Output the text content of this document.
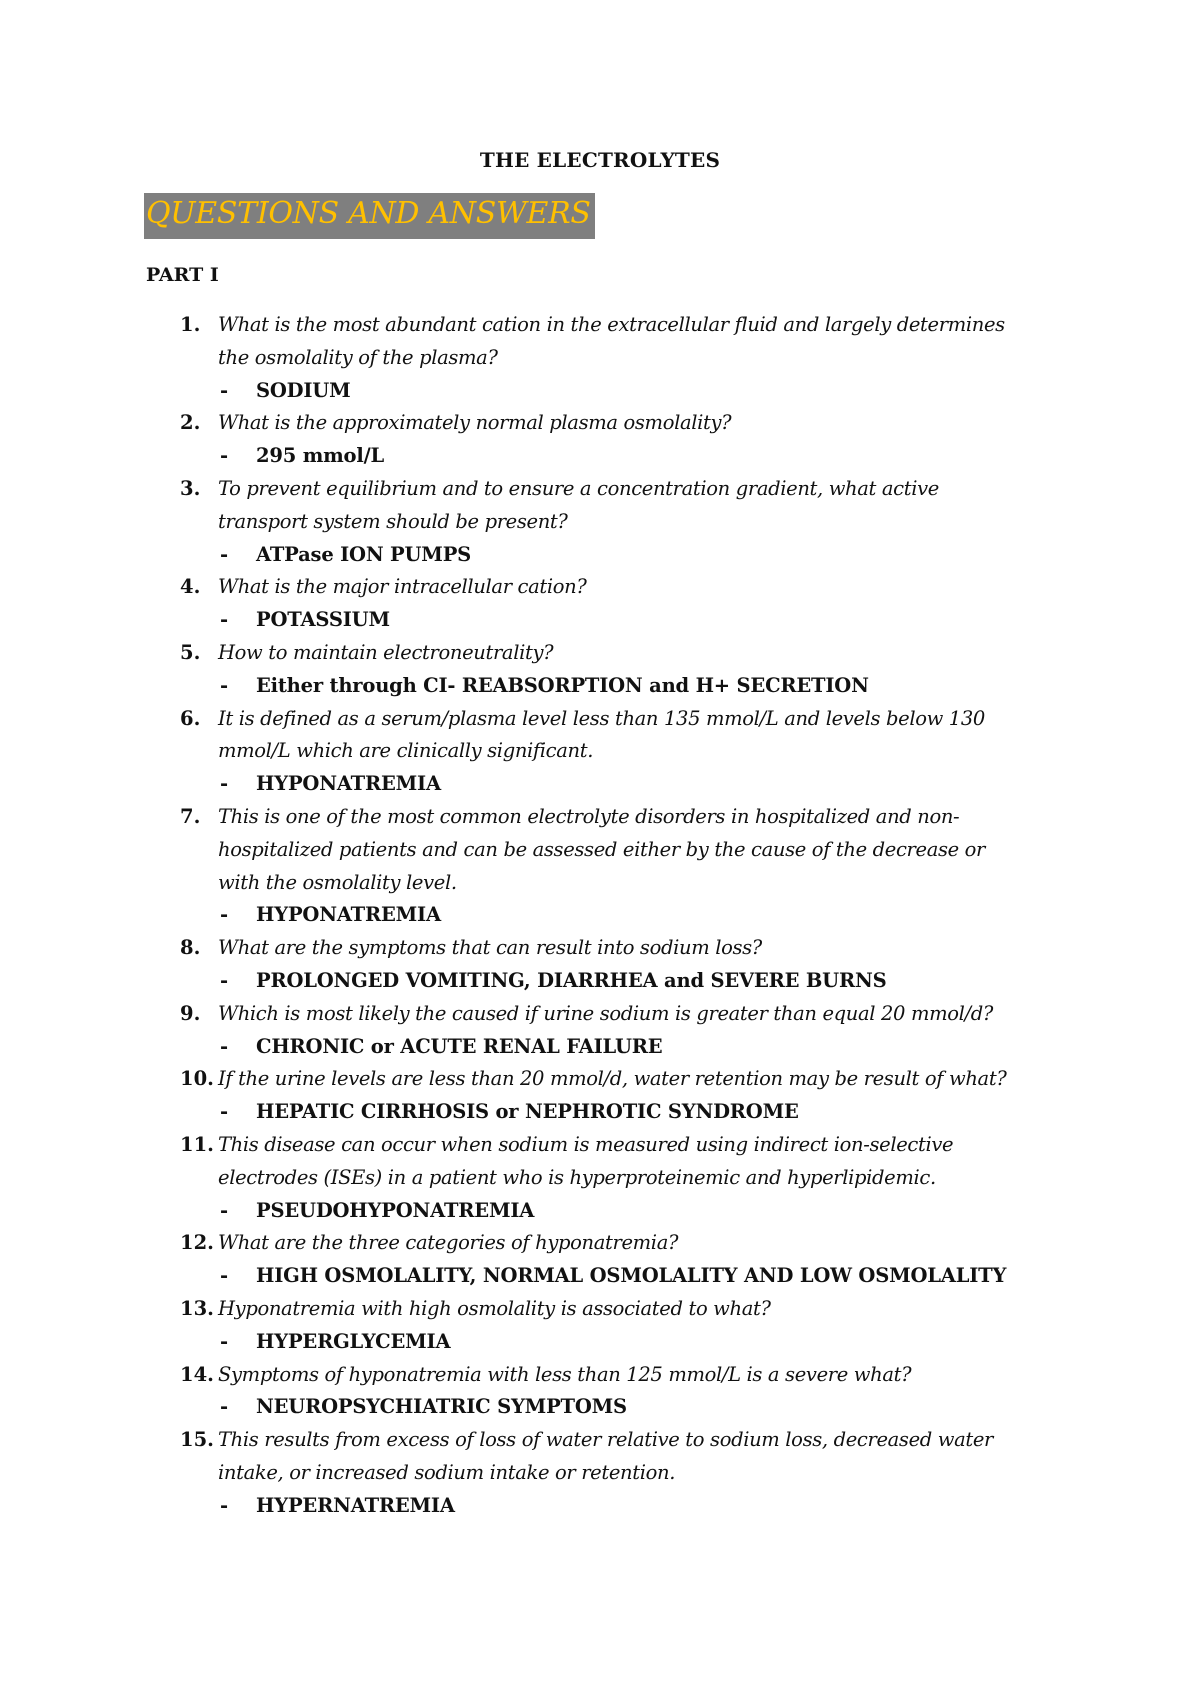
THE ELECTROLYTES
QUESTIONS AND ANSWERS
PART I
1. What is the most abundant cation in the extracellular fluid and largely determines
the osmolality of the plasma?
- SODIUM
2. What is the approximately normal plasma osmolality?
- 295 mmol/L
3. To prevent equilibrium and to ensure a concentration gradient, what active
transport system should be present?
- ATPase ION PUMPS
4. What is the major intracellular cation?
- POTASSIUM
5. How to maintain electroneutrality?
- Either through CI- REABSORPTION and H+ SECRETION
6. It is defined as a serum/plasma level less than 135 mmol/L and levels below 130
mmol/L which are clinically significant.
- HYPONATREMIA
7. This is one of the most common electrolyte disorders in hospitalized and non-
hospitalized patients and can be assessed either by the cause of the decrease or
with the osmolality level.
- HYPONATREMIA
8. What are the symptoms that can result into sodium loss?
- PROLONGED VOMITING, DIARRHEA and SEVERE BURNS
9. Which is most likely the caused if urine sodium is greater than equal 20 mmol/d?
- CHRONIC or ACUTE RENAL FAILURE
10. If the urine levels are less than 20 mmol/d, water retention may be result of what?
- HEPATIC CIRRHOSIS or NEPHROTIC SYNDROME
11. This disease can occur when sodium is measured using indirect ion-selective
electrodes (ISEs) in a patient who is hyperproteinemic and hyperlipidemic.
- PSEUDOHYPONATREMIA
12. What are the three categories of hyponatremia?
- HIGH OSMOLALITY, NORMAL OSMOLALITY AND LOW OSMOLALITY
13. Hyponatremia with high osmolality is associated to what?
- HYPERGLYCEMIA
14. Symptoms of hyponatremia with less than 125 mmol/L is a severe what?
- NEUROPSYCHIATRIC SYMPTOMS
15. This results from excess of loss of water relative to sodium loss, decreased water
intake, or increased sodium intake or retention.
- HYPERNATREMIA
